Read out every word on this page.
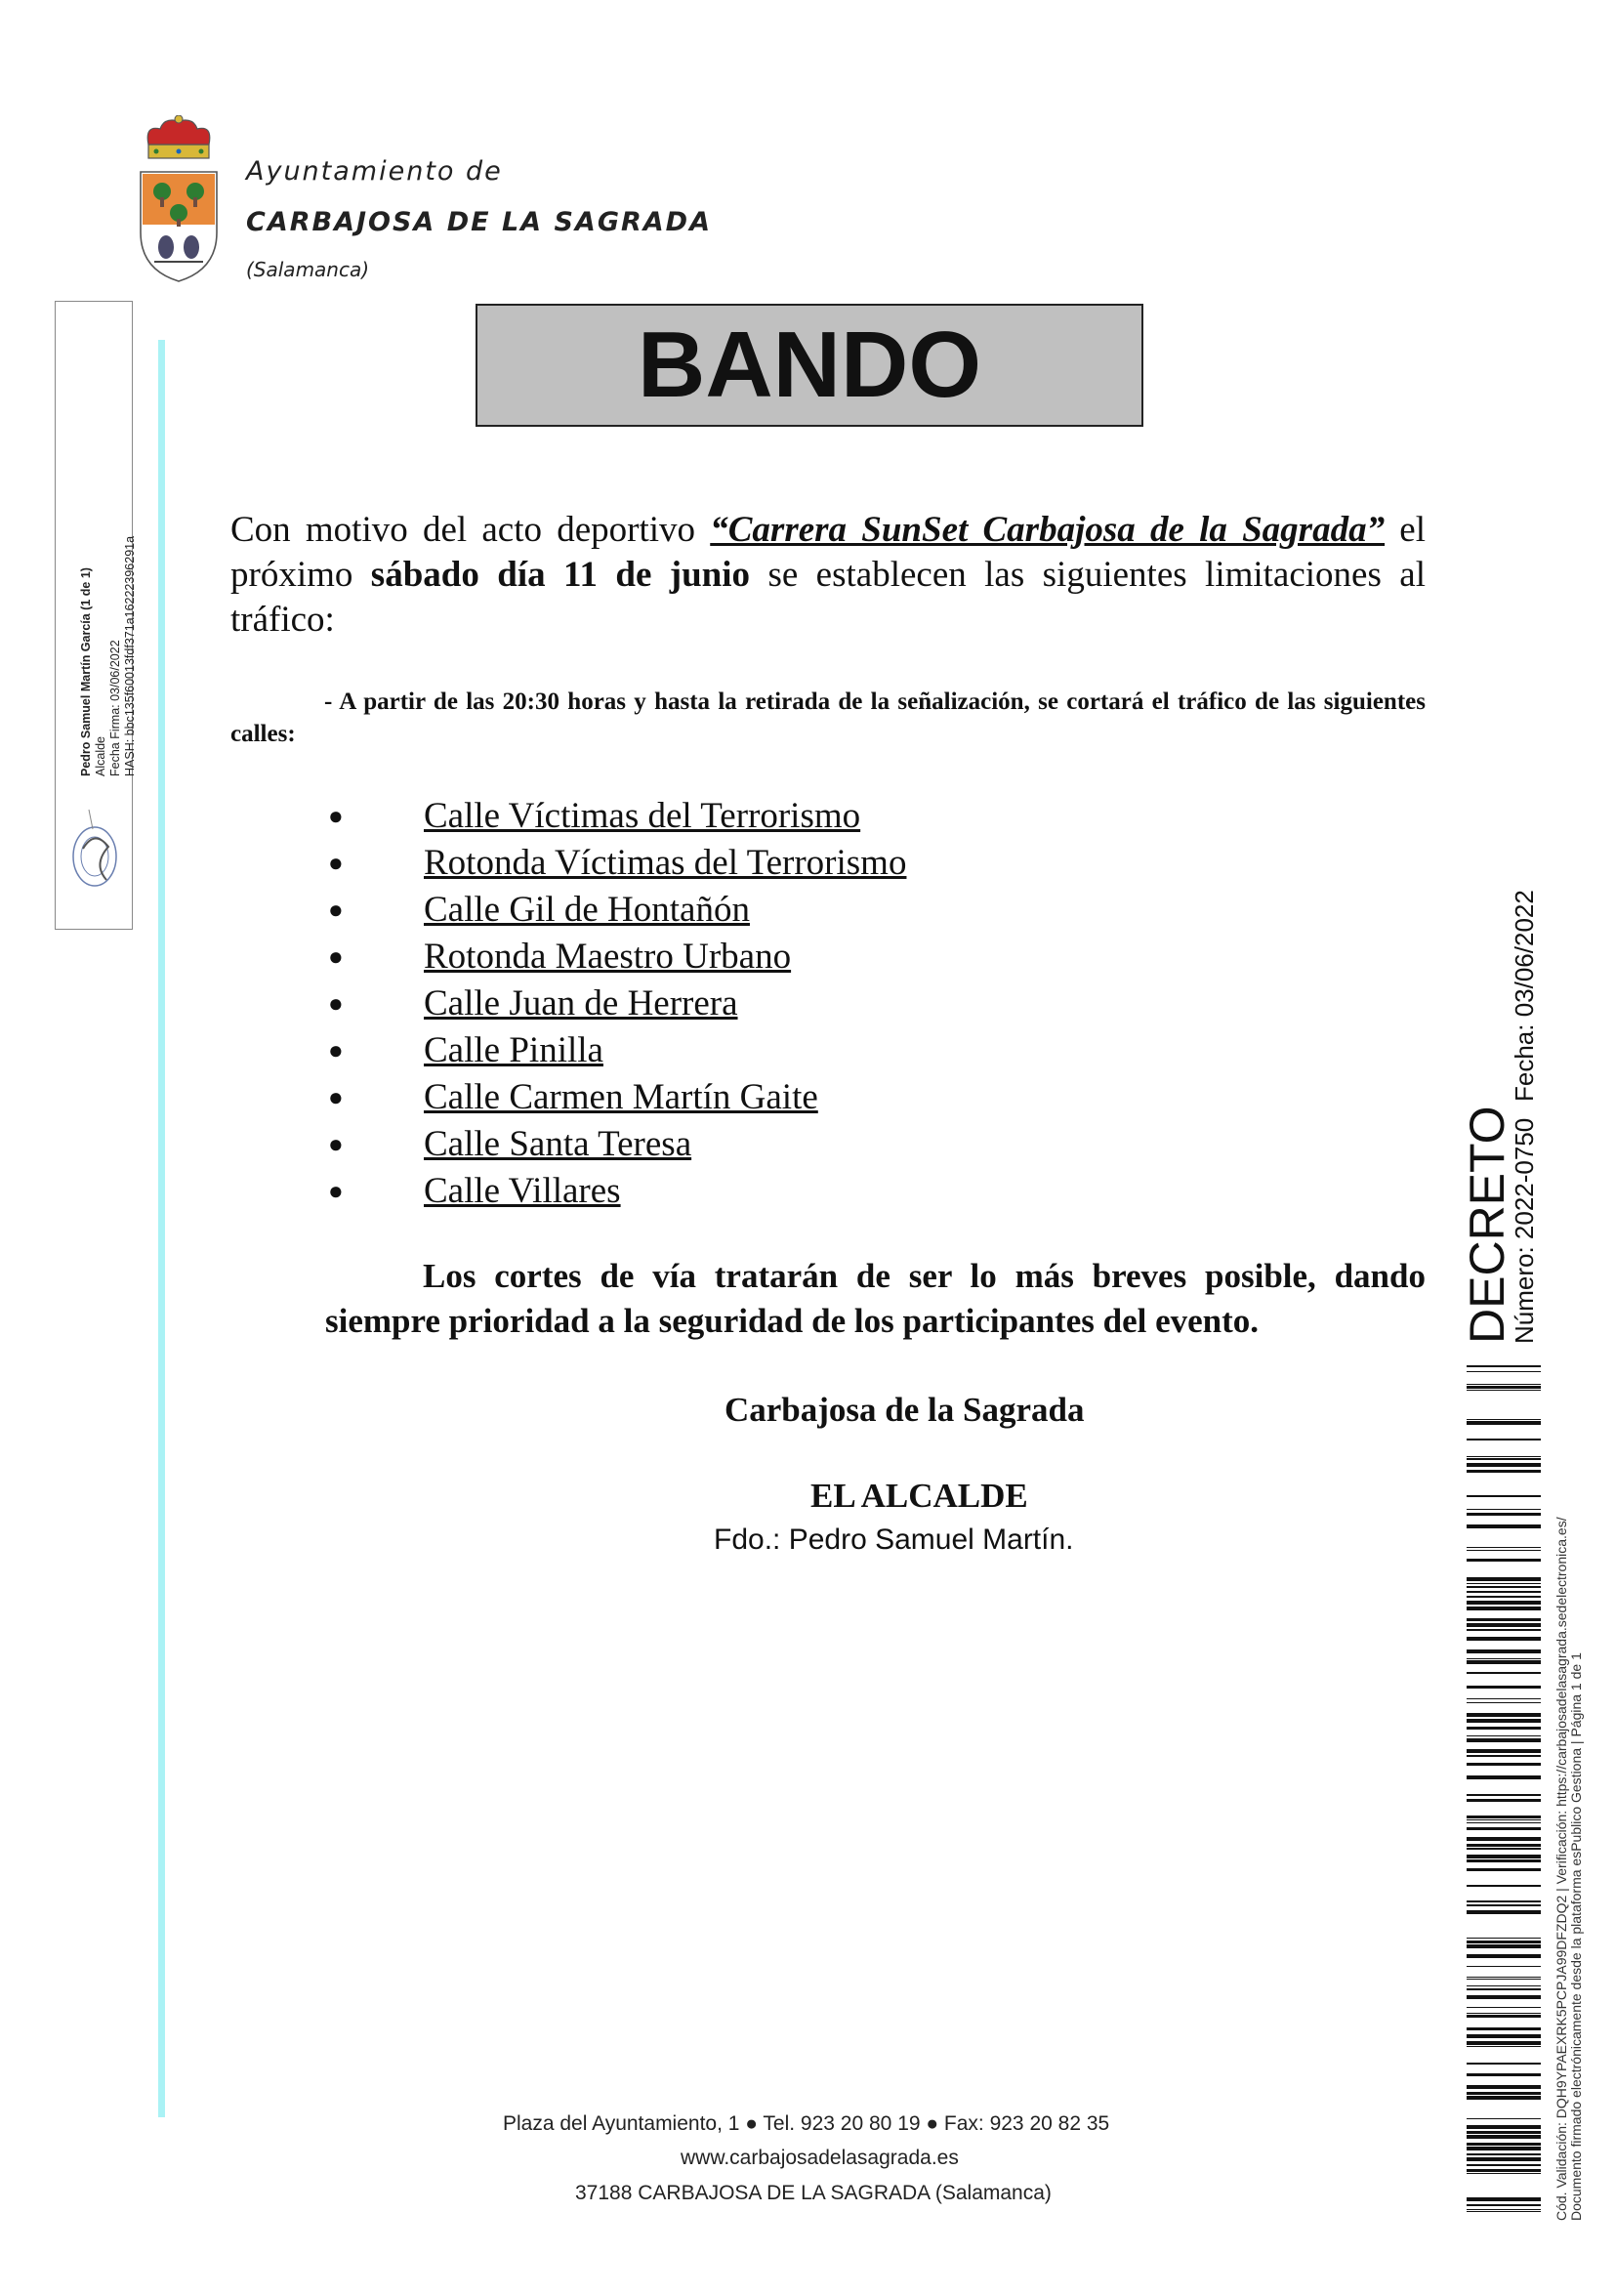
Ayuntamiento de
CARBAJOSA DE LA SAGRADA
(Salamanca)
Pedro Samuel Martín García (1 de 1) Alcalde Fecha Firma: 03/06/2022 HASH: bbc135f60013fdf371a16222396291a
BANDO
Con motivo del acto deportivo “Carrera SunSet Carbajosa de la Sagrada” el próximo sábado día 11 de junio se establecen las siguientes limitaciones al tráfico:
- A partir de las 20:30 horas y hasta la retirada de la señalización, se cortará el tráfico de las siguientes calles:
● Calle Víctimas del Terrorismo
● Rotonda Víctimas del Terrorismo
● Calle Gil de Hontañón
● Rotonda Maestro Urbano
● Calle Juan de Herrera
● Calle Pinilla
● Calle Carmen Martín Gaite
● Calle Santa Teresa
● Calle Villares
Los cortes de vía tratarán de ser lo más breves posible, dando siempre prioridad a la seguridad de los participantes del evento.
Carbajosa de la Sagrada
EL ALCALDE
Fdo.: Pedro Samuel Martín.
Plaza del Ayuntamiento, 1 ● Tel. 923 20 80 19 ● Fax: 923 20 82 35
www.carbajosadelasagrada.es
37188 CARBAJOSA DE LA SAGRADA (Salamanca)
DECRETO
Número: 2022-0750
Fecha: 03/06/2022
Cód. Validación: DQH9YPAEXRK5PCPJA99DFZDQ2 | Verificación: https://carbajosadelasagrada.sedelectronica.es/ Documento firmado electrónicamente desde la plataforma esPublico Gestiona | Página 1 de 1
